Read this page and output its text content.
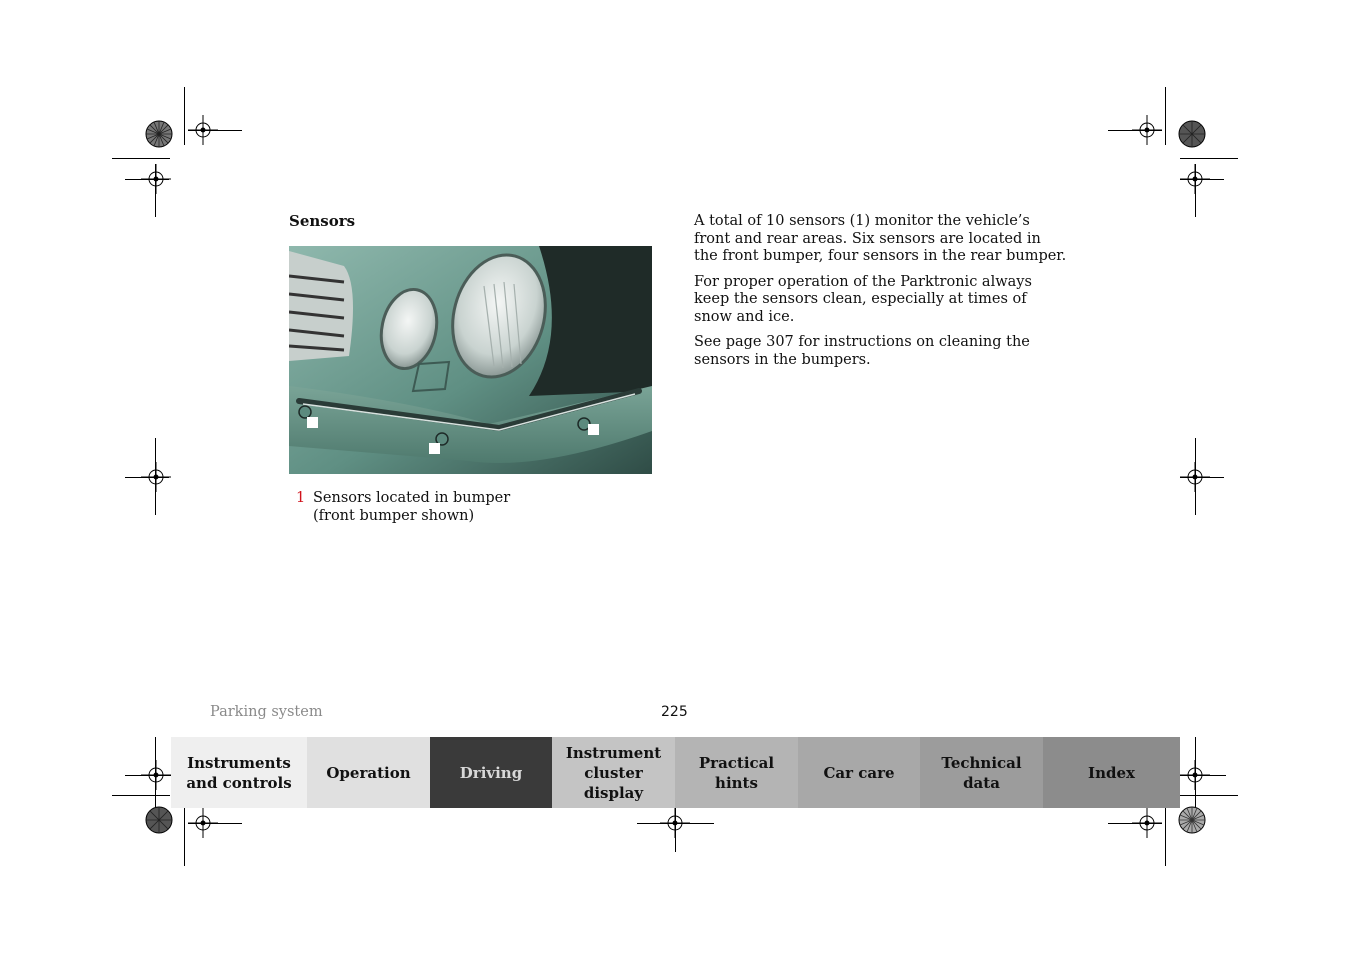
Sensors
1 Sensors located in bumper
(front bumper shown)

A total of 10 sensors (1) monitor the vehicle’s front and rear areas. Six sensors are located in the front bumper, four sensors in the rear bumper.

For proper operation of the Parktronic always keep the sensors clean, especially at times of snow and ice.

See page 307 for instructions on cleaning the sensors in the bumpers.

Parking system	225
Instruments
and controls
Operation	Driving
Instrument
cluster display
Practical hints
Car care
Technical
data
Index
